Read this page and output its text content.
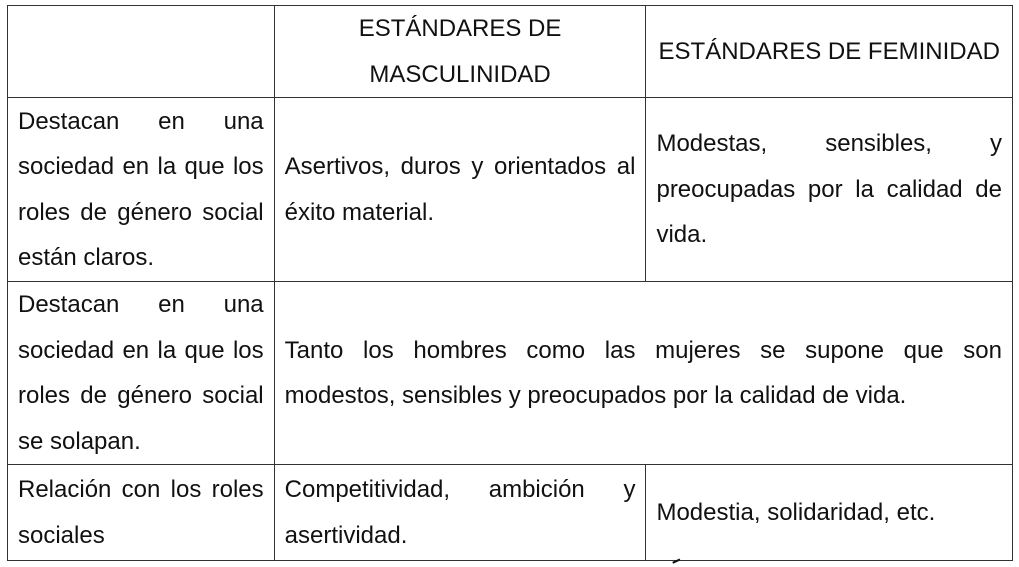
	ESTÁNDARES DE MASCULINIDAD	ESTÁNDARES DE FEMINIDAD
Destacan en una sociedad en la que los roles de género social están claros.	Asertivos, duros y orientados al éxito material.	Modestas, sensibles, y preocupadas por la calidad de vida.
Destacan en una sociedad en la que los roles de género social se solapan.	Tanto los hombres como las mujeres se supone que son modestos, sensibles y preocupados por la calidad de vida.	
Relación con los roles sociales	Competitividad, ambición y asertividad.	Modestia, solidaridad, etc.
